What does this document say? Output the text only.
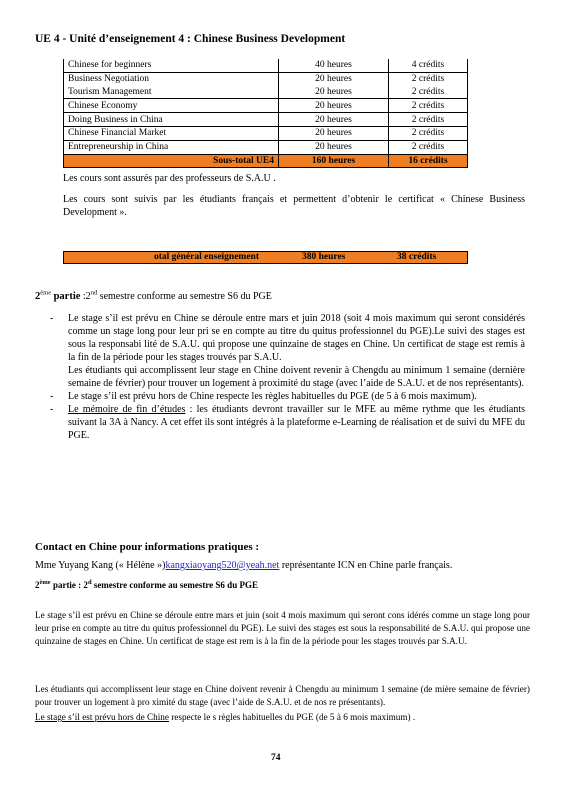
UE 4 - Unité d’enseignement 4 : Chinese Business Development
Chinese for beginners	40 heures	4 crédits
Business Negotiation	20 heures	2 crédits
Tourism Management	20 heures	2 crédits
Chinese Economy	20 heures	2 crédits
Doing Business in China	20 heures	2 crédits
Chinese Financial Market	20 heures	2 crédits
Entrepreneurship in China	20 heures	2 crédits
Sous-total UE4	160 heures	16 crédits
Les cours sont assurés par des professeurs de S.A.U .
Les cours sont suivis par les étudiants français et permettent d’obtenir le certificat « Chinese Business Development ».
otal général enseignement	380 heures	38 crédits
2ème partie :2nd semestre conforme au semestre S6 du PGE
- Le stage s’il est prévu en Chine se déroule entre mars et juin 2018 (soit 4 mois maximum qui seront considérés comme un stage long pour leur pri se en compte au titre du quitus professionnel du PGE).Le suivi des stages est sous la responsabi lité de S.A.U. qui propose une quinzaine de stages en Chine. Un certificat de stage est remis à la fin de la période pour les stages trouvés par S.A.U.
Les étudiants qui accomplissent leur stage en Chine doivent revenir à Chengdu au minimum 1 semaine (dernière semaine de février) pour trouver un logement à proximité du stage (avec l’aide de S.A.U. et de nos représentants).
- Le stage s’il est prévu hors de Chine respecte les règles habituelles du PGE (de 5 à 6 mois maximum).
- Le mémoire de fin d’études : les étudiants devront travailler sur le MFE au même rythme que les étudiants suivant la 3A à Nancy. A cet effet ils sont intégrés à la plateforme e-Learning de réalisation et de suivi du MFE du PGE.
Contact en Chine pour informations pratiques :
Mme Yuyang Kang (« Hélène »)kangxiaoyang520@yeah.net représentante ICN en Chine parle français.
2ème partie : 2$^d$ semestre conforme au semestre S6 du PGE
Le stage s’il est prévu en Chine se déroule entre mars et juin (soit 4 mois maximum qui seront cons idérés comme un stage long pour leur prise en compte au titre du quitus professionnel du PGE). Le suivi des stages est sous la responsabilité de S.A.U. qui propose une quinzaine de stages en Chine. Un certificat de stage est rem is à la fin de la période pour les stages trouvés par S.A.U.
Les étudiants qui accomplissent leur stage en Chine doivent revenir à Chengdu au minimum 1 semaine (de mière semaine de février) pour trouver un logement à pro ximité du stage (avec l’aide de S.A.U. et de nos re présentants).
Le stage s’il est prévu hors de Chine respecte le s règles habituelles du PGE (de 5 à 6 mois maximum) .
74
